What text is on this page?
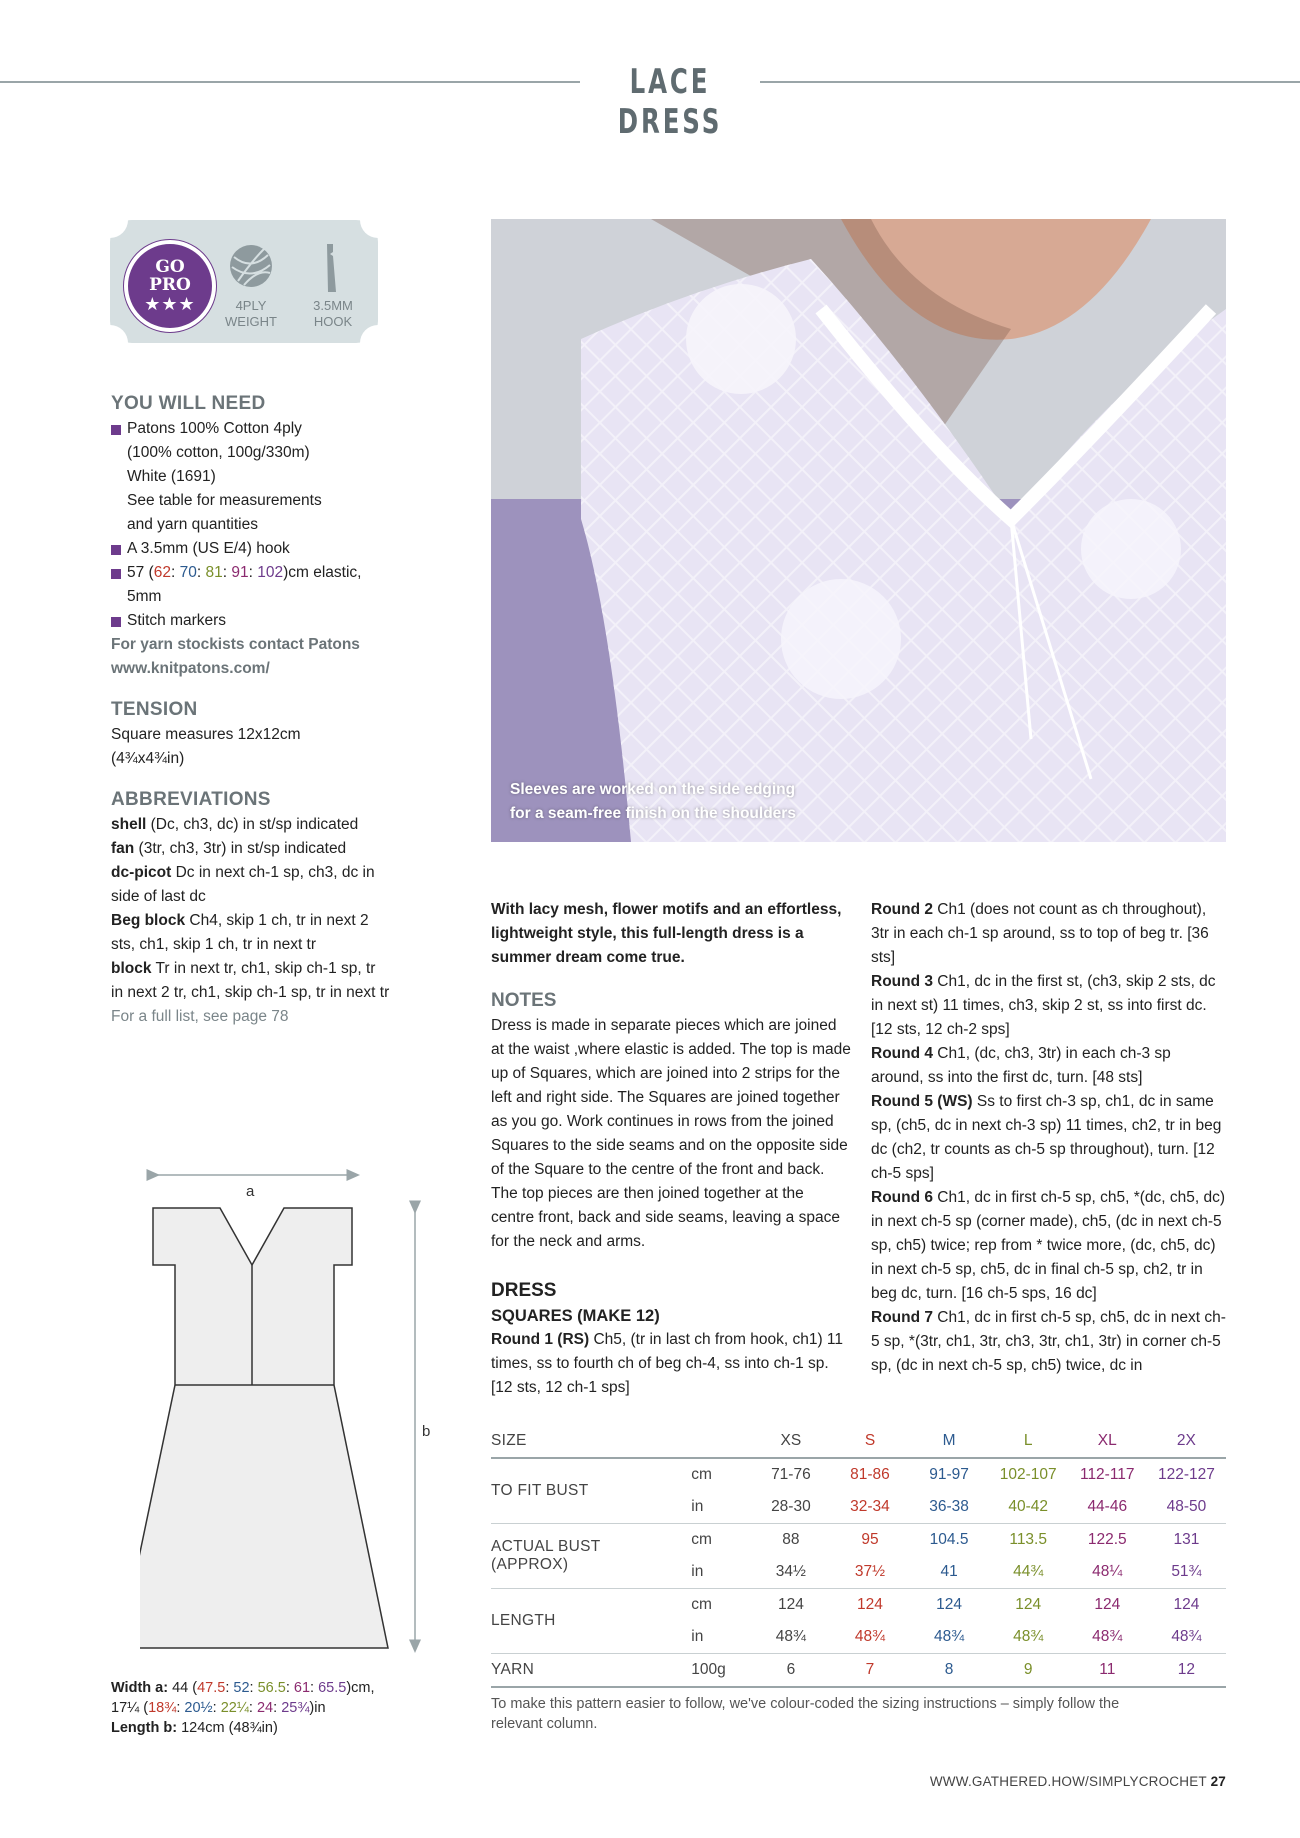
LACE DRESS
GO
PRO
★★★	4PLY
WEIGHT
3.5MM
HOOK
YOU WILL NEED
Patons 100% Cotton 4ply
(100% cotton, 100g/330m)
White (1691)
See table for measurements
and yarn quantities
A 3.5mm (US E/4) hook
57 (62: 70: 81: 91: 102)cm elastic,
5mm
Stitch markers
For yarn stockists contact Patons
www.knitpatons.com/
TENSION
Square measures 12x12cm
(4¾x4¾in)
ABBREVIATIONS
shell (Dc, ch3, dc) in st/sp indicated
fan (3tr, ch3, 3tr) in st/sp indicated
dc-picot Dc in next ch-1 sp, ch3, dc in side of last dc
Beg block Ch4, skip 1 ch, tr in next 2 sts, ch1, skip 1 ch, tr in next tr
block Tr in next tr, ch1, skip ch-1 sp, tr in next 2 tr, ch1, skip ch-1 sp, tr in next tr
For a full list, see page 78
Sleeves are worked on the side edging
for a seam-free finish on the shoulders
With lacy mesh, flower motifs and an effortless, lightweight style, this full-length dress is a summer dream come true.
NOTES
Dress is made in separate pieces which are joined at the waist ,where elastic is added. The top is made up of Squares, which are joined into 2 strips for the left and right side. The Squares are joined together as you go. Work continues in rows from the joined Squares to the side seams and on the opposite side of the Square to the centre of the front and back. The top pieces are then joined together at the centre front, back and side seams, leaving a space for the neck and arms.
DRESS
SQUARES (MAKE 12)
Round 1 (RS) Ch5, (tr in last ch from hook, ch1) 11 times, ss to fourth ch of beg ch-4, ss into ch-1 sp. [12 sts, 12 ch-1 sps]
Round 2 Ch1 (does not count as ch throughout), 3tr in each ch-1 sp around, ss to top of beg tr. [36 sts]
Round 3 Ch1, dc in the first st, (ch3, skip 2 sts, dc in next st) 11 times, ch3, skip 2 st, ss into first dc. [12 sts, 12 ch-2 sps]
Round 4 Ch1, (dc, ch3, 3tr) in each ch-3 sp around, ss into the first dc, turn. [48 sts]
Round 5 (WS) Ss to first ch-3 sp, ch1, dc in same sp, (ch5, dc in next ch-3 sp) 11 times, ch2, tr in beg dc (ch2, tr counts as ch-5 sp throughout), turn. [12 ch-5 sps]
Round 6 Ch1, dc in first ch-5 sp, ch5, *(dc, ch5, dc) in next ch-5 sp (corner made), ch5, (dc in next ch-5 sp, ch5) twice; rep from * twice more, (dc, ch5, dc) in next ch-5 sp, ch5, dc in final ch-5 sp, ch2, tr in beg dc, turn. [16 ch-5 sps, 16 dc]
Round 7 Ch1, dc in first ch-5 sp, ch5, dc in next ch-5 sp, *(3tr, ch1, 3tr, ch3, 3tr, ch1, 3tr) in corner ch-5 sp, (dc in next ch-5 sp, ch5) twice, dc in
a
b
Width a: 44 (47.5: 52: 56.5: 61: 65.5)cm,
17¼ (18¾: 20½: 22¼: 24: 25¾)in
Length b: 124cm (48¾in)
SIZE		XS	S	M	L	XL	2X
TO FIT BUST	cm	71-76	81-86	91-97	102-107	112-117	122-127
	in	28-30	32-34	36-38	40-42	44-46	48-50

ACTUAL BUST
(APPROX)	cm	88	95	104.5	113.5	122.5	131
	in	34½	37½	41	44¾	48¼	51¾
LENGTH	cm	124	124	124	124	124	124
	in	48¾	48¾	48¾	48¾	48¾	48¾
YARN	100g	6	7	8	9	11	12

To make this pattern easier to follow, we've colour-coded the sizing instructions – simply follow the relevant column.
WWW.GATHERED.HOW/SIMPLYCROCHET 27
